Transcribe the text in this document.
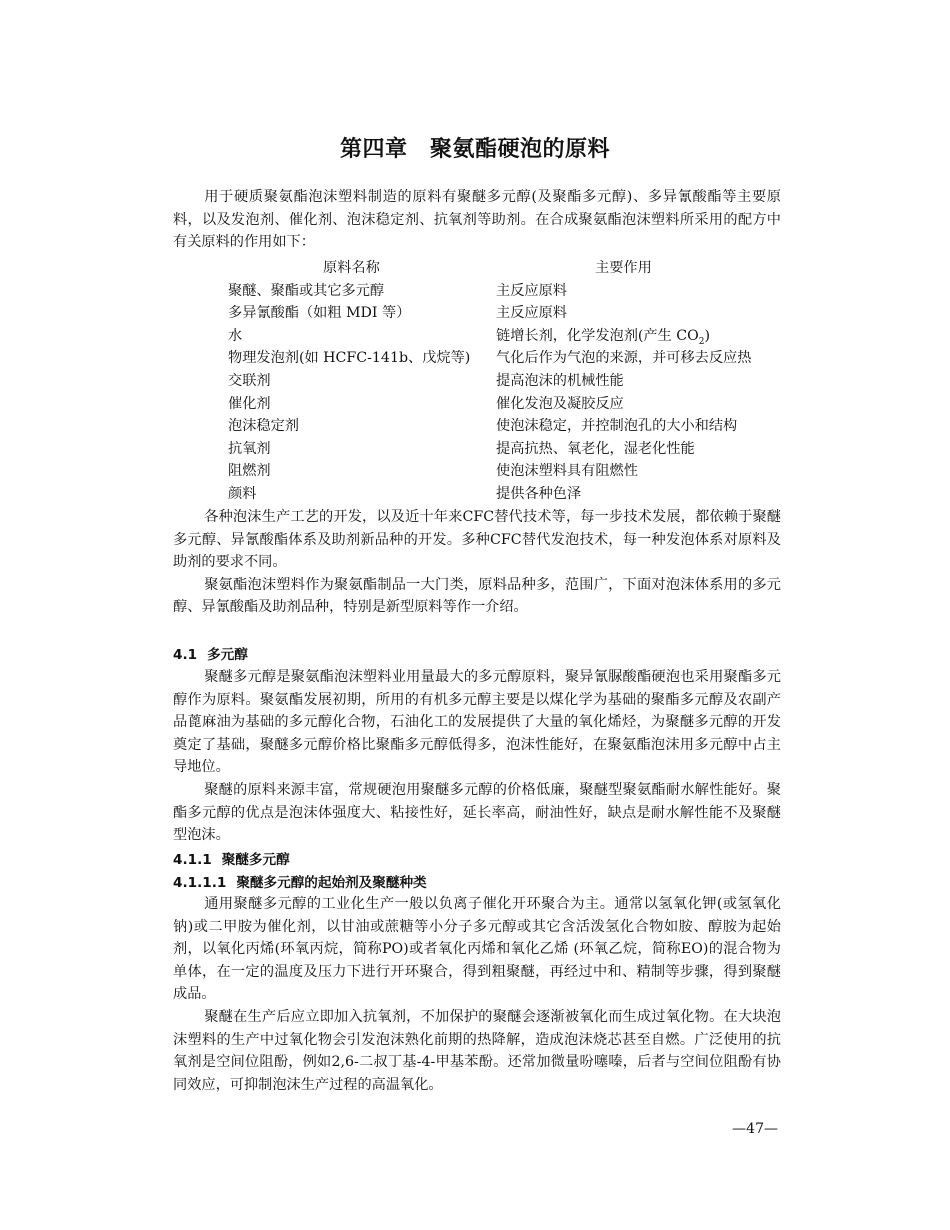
第四章　聚氨酯硬泡的原料

用于硬质聚氨酯泡沫塑料制造的原料有聚醚多元醇(及聚酯多元醇)、多异氰酸酯等主要原料，以及发泡剂、催化剂、泡沫稳定剂、抗氧剂等助剂。在合成聚氨酯泡沫塑料所采用的配方中有关原料的作用如下：

原料名称	主要作用
聚醚、聚酯或其它多元醇	主反应原料
多异氰酸酯（如粗 MDI 等）	主反应原料
水	链增长剂，化学发泡剂(产生 $CO_2$)
物理发泡剂(如 HCFC-141b、戊烷等) 气化后作为气泡的来源，并可移去反应热
交联剂	提高泡沫的机械性能
催化剂	催化发泡及凝胶反应
泡沫稳定剂	使泡沫稳定，并控制泡孔的大小和结构
抗氧剂	提高抗热、氧老化，湿老化性能
阻燃剂	使泡沫塑料具有阻燃性
颜料	提供各种色泽

各种泡沫生产工艺的开发，以及近十年来CFC替代技术等，每一步技术发展，都依赖于聚醚多元醇、异氰酸酯体系及助剂新品种的开发。多种CFC替代发泡技术，每一种发泡体系对原料及助剂的要求不同。

聚氨酯泡沫塑料作为聚氨酯制品一大门类，原料品种多，范围广，下面对泡沫体系用的多元醇、异氰酸酯及助剂品种，特别是新型原料等作一介绍。

4.1 多元醇

聚醚多元醇是聚氨酯泡沫塑料业用量最大的多元醇原料，聚异氰脲酸酯硬泡也采用聚酯多元醇作为原料。聚氨酯发展初期，所用的有机多元醇主要是以煤化学为基础的聚酯多元醇及农副产品蓖麻油为基础的多元醇化合物，石油化工的发展提供了大量的氧化烯烃，为聚醚多元醇的开发奠定了基础，聚醚多元醇价格比聚酯多元醇低得多，泡沫性能好，在聚氨酯泡沫用多元醇中占主导地位。

聚醚的原料来源丰富，常规硬泡用聚醚多元醇的价格低廉，聚醚型聚氨酯耐水解性能好。聚酯多元醇的优点是泡沫体强度大、粘接性好，延长率高，耐油性好，缺点是耐水解性能不及聚醚型泡沫。

4.1.1 聚醚多元醇

4.1.1.1 聚醚多元醇的起始剂及聚醚种类

通用聚醚多元醇的工业化生产一般以负离子催化开环聚合为主。通常以氢氧化钾(或氢氧化钠)或二甲胺为催化剂，以甘油或蔗糖等小分子多元醇或其它含活泼氢化合物如胺、醇胺为起始剂，以氧化丙烯(环氧丙烷，简称PO)或者氧化丙烯和氧化乙烯 (环氧乙烷，简称EO)的混合物为单体，在一定的温度及压力下进行开环聚合，得到粗聚醚，再经过中和、精制等步骤，得到聚醚成品。

聚醚在生产后应立即加入抗氧剂，不加保护的聚醚会逐渐被氧化而生成过氧化物。在大块泡沫塑料的生产中过氧化物会引发泡沫熟化前期的热降解，造成泡沫烧芯甚至自燃。广泛使用的抗氧剂是空间位阻酚，例如2,6-二叔丁基-4-甲基苯酚。还常加微量吩噻嗪，后者与空间位阻酚有协同效应，可抑制泡沫生产过程的高温氧化。

—47—
